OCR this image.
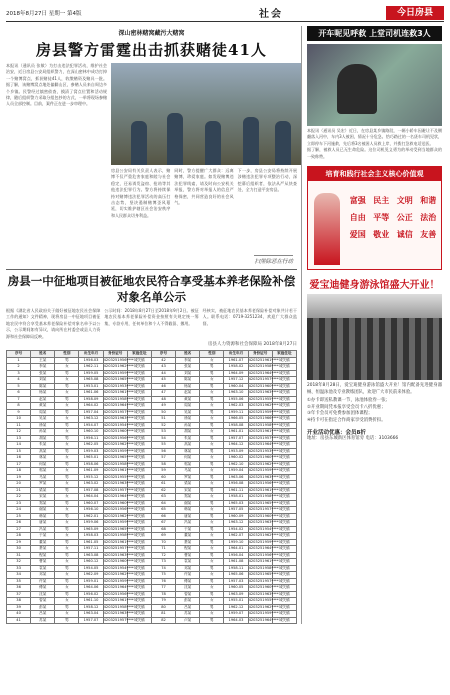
2018年8月27日 星期一 第4版	社会	今日房县
深山密林赌窝藏污大赌窝
房县警方雷霆出击抓获赌徒41人

本报讯（通讯员 张敏）为打击违法犯罪活动，维护社会治安，近日房县公安局组织警力，在深山密林中成功打掉一个赌博窝点，抓获赌徒41人，收缴赌资及赌具一批。据了解，该赌博窝点地处偏僻山区，参赌人员来自周边多个乡镇。民警经过缜密侦查，摸清了窝点位置和活动规律，随后组织警力采取分组包抄的方式，一举将现场参赌人员全部控制。目前，案件正在进一步审理中。

房县公安局有关负责人表示，赌博不仅严重危害家庭和睦与社会稳定，还易诱发盗窃、抢劫等其他违法犯罪行为。警方将持续保持对赌博违法犯罪活动的高压打击态势，坚决遏制赌博歪风蔓延，切实维护辖区社会治安秩序和人民群众切身利益。

同时，警方提醒广大群众：远离赌博，珍爱家庭。如发现赌博违法犯罪线索，请及时向公安机关举报，警方将对举报人的信息严格保密，共同营造良好的社会风气。

下一步，房县公安局将持续开展涉赌违法犯罪专项整治行动，深挖幕后组织者，依法从严从快查处，全力打造平安房县。

扫黑除恶在行动
房县一中征地项目被征地农民符合享受基本养老保险补偿对象名单公示

根据《湖北省人民政府关于做好被征地农民社会保障工作的通知》文件精神，现将房县一中征地项目被征地农民中符合享受基本养老保险补偿对象名单予以公示，公示期间如有异议，请向所在村委会或县人力资源和社会保障局反映。

公示时间：2018年8月27日至2018年9月2日。被征地农民基本养老保险补偿资金按照有关规定统一筹集，专款专用，任何单位和个人不得截留、挪用。

经核实，被征地农民基本养老保险补偿对象共计若干人。联系电话：0719-3251234，欢迎广大群众监督。

房县人力资源和社会保障局 2018年8月27日
序号	姓名	性别	出生年月	身份证号	家庭住址	序号	姓名	性别	出生年月	身份证号	家庭住址
1	王某	男	1956.03	4203251956****	城关镇	42	李某	女	1961.07	4203251961****	城关镇
2	李某	女	1962.11	4203251962****	城关镇	43	张某	男	1958.02	4203251958****	城关镇
3	张某	男	1959.05	4203251959****	城关镇	44	刘某	男	1964.09	4203251964****	城关镇
4	刘某	女	1965.08	4203251965****	城关镇	45	陈某	女	1957.12	4203251957****	城关镇
5	陈某	男	1953.01	4203251953****	城关镇	46	杨某	男	1960.04	4203251960****	城关镇
6	杨某	女	1961.06	4203251961****	城关镇	47	赵某	女	1963.10	4203251963****	城关镇
7	赵某	男	1958.09	4203251958****	城关镇	48	黄某	男	1955.06	4203251955****	城关镇
8	黄某	女	1964.02	4203251964****	城关镇	49	周某	女	1962.03	4203251962****	城关镇
9	周某	男	1957.04	4203251957****	城关镇	50	吴某	男	1959.11	4203251959****	城关镇
10	吴某	女	1963.12	4203251963****	城关镇	51	徐某	女	1966.05	4203251966****	城关镇
11	徐某	男	1954.07	4203251954****	城关镇	52	孙某	男	1958.08	4203251958****	城关镇
12	孙某	女	1960.10	4203251960****	城关镇	53	胡某	女	1961.01	4203251961****	城关镇
13	胡某	男	1956.11	4203251956****	城关镇	54	朱某	男	1957.07	4203251957****	城关镇
14	朱某	女	1962.05	4203251962****	城关镇	55	高某	女	1964.12	4203251964****	城关镇
15	高某	男	1959.03	4203251959****	城关镇	56	林某	男	1953.09	4203251953****	城关镇
16	林某	女	1965.01	4203251965****	城关镇	57	何某	女	1960.02	4203251960****	城关镇
17	何某	男	1958.06	4203251958****	城关镇	58	郭某	男	1962.10	4203251962****	城关镇
18	郭某	女	1961.09	4203251961****	城关镇	59	马某	女	1959.04	4203251959****	城关镇
19	马某	男	1955.12	4203251955****	城关镇	60	罗某	男	1963.06	4203251963****	城关镇
20	罗某	女	1963.02	4203251963****	城关镇	61	梁某	女	1956.08	4203251956****	城关镇
21	梁某	男	1957.08	4203251957****	城关镇	62	宋某	男	1961.11	4203251961****	城关镇
22	宋某	女	1964.04	4203251964****	城关镇	63	郑某	女	1958.01	4203251958****	城关镇
23	郑某	男	1960.07	4203251960****	城关镇	64	谢某	男	1965.03	4203251965****	城关镇
24	谢某	女	1956.10	4203251956****	城关镇	65	韩某	女	1957.05	4203251957****	城关镇
25	韩某	男	1962.01	4203251962****	城关镇	66	唐某	男	1960.09	4203251960****	城关镇
26	唐某	女	1959.06	4203251959****	城关镇	67	冯某	女	1963.12	4203251963****	城关镇
27	冯某	男	1965.09	4203251965****	城关镇	68	于某	男	1954.02	4203251954****	城关镇
28	于某	女	1958.03	4203251958****	城关镇	69	董某	女	1962.07	4203251962****	城关镇
29	董某	男	1961.05	4203251961****	城关镇	70	萧某	男	1959.10	4203251959****	城关镇
30	萧某	女	1957.11	4203251957****	城关镇	71	程某	女	1964.01	4203251964****	城关镇
31	程某	男	1963.08	4203251963****	城关镇	72	曹某	男	1956.04	4203251956****	城关镇
32	曹某	女	1960.12	4203251960****	城关镇	73	袁某	女	1961.08	4203251961****	城关镇
33	袁某	男	1954.05	4203251954****	城关镇	74	邓某	男	1958.11	4203251958****	城关镇
34	邓某	女	1962.09	4203251962****	城关镇	75	许某	女	1965.06	4203251965****	城关镇
35	许某	男	1959.01	4203251959****	城关镇	76	傅某	男	1957.03	4203251957****	城关镇
36	傅某	女	1964.06	4203251964****	城关镇	77	沈某	女	1960.05	4203251960****	城关镇
37	沈某	男	1956.02	4203251956****	城关镇	78	曾某	男	1963.09	4203251963****	城关镇
38	曾某	女	1961.10	4203251961****	城关镇	79	彭某	女	1955.01	4203251955****	城关镇
39	彭某	男	1958.12	4203251958****	城关镇	80	吕某	男	1962.12	4203251962****	城关镇
40	吕某	女	1963.04	4203251963****	城关镇	81	苏某	女	1959.07	4203251959****	城关镇
41	苏某	男	1957.07	4203251957****	城关镇	82	卢某	男	1964.03	4203251964****	城关镇
开车呢见呼救 上堂司机连救3人

本报讯（通讯员 吴宏）近日，在房县某乡镇路段，一辆小轿车因避让不及侧翻落入河中，车内3人被困，情况十分危急。恰巧路过的一名货车司机见状，立即停车下河施救，先后将3名被困人员救上岸，并拨打急救电话送医。

据了解，被救人员已无生命危险。这位司机见义勇为的举动受到当地群众的一致称赞。

培育和践行社会主义核心价值观
富强 民主 文明 和谐
自由 平等 公正 法治
爱国 敬业 诚信 友善
爱宝迪健身游泳馆盛大开业！

2018年8月28日，爱宝迪健身游泳馆盛大开业！馆内配备先进健身器械、恒温泳池及专业教练团队，欢迎广大市民前来体验。

①办卡即送私教课一节，泳池体验券一张；

②开业期间凭本报享受会员卡八折优惠；

③年卡会员可免费参加团体课程；

④持卡可在指定合作商家享受消费折扣。

开业活动优惠：会员8折

地址：房县东城新区体育馆旁 电话：3103666
